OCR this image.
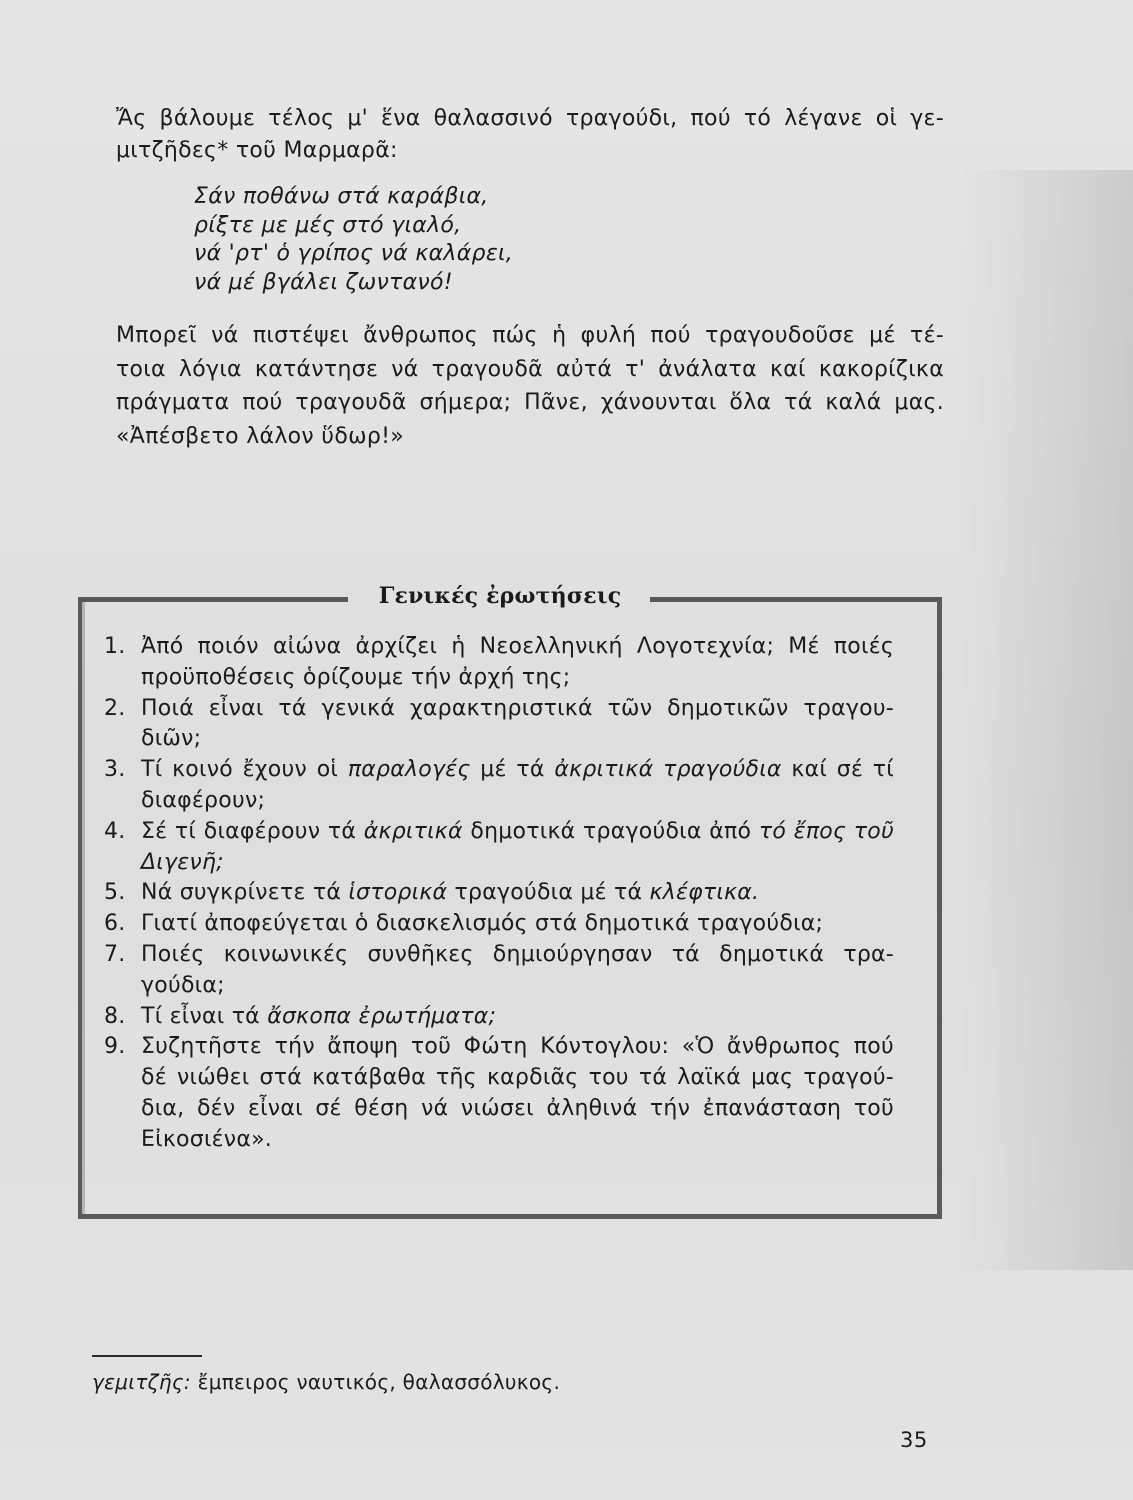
Ἄς βάλουμε τέλος μ' ἕνα θαλασσινό τραγούδι, πού τό λέγανε οἱ γε-
μιτζῆδες* τοῦ Μαρμαρᾶ:
Σάν ποθάνω στά καράβια,
ρίξτε με μές στό γιαλό,
νά 'ρτ' ὁ γρίπος νά καλάρει,
νά μέ βγάλει ζωντανό!
Μπορεῖ νά πιστέψει ἄνθρωπος πώς ἡ φυλή πού τραγουδοῦσε μέ τέ-
τοια λόγια κατάντησε νά τραγουδᾶ αὐτά τ' ἀνάλατα καί κακορίζικα
πράγματα πού τραγουδᾶ σήμερα; Πᾶνε, χάνουνται ὅλα τά καλά μας.
«Ἀπέσβετο λάλον ὕδωρ!»
Γενικές ἐρωτήσεις
1. Ἀπό ποιόν αἰώνα ἀρχίζει ἡ Νεοελληνική Λογοτεχνία; Μέ ποιές
προϋποθέσεις ὁρίζουμε τήν ἀρχή της;
2. Ποιά εἶναι τά γενικά χαρακτηριστικά τῶν δημοτικῶν τραγου-
διῶν;
3. Τί κοινό ἔχουν οἱ παραλογές μέ τά ἀκριτικά τραγούδια καί σέ τί
διαφέρουν;
4. Σέ τί διαφέρουν τά ἀκριτικά δημοτικά τραγούδια ἀπό τό ἔπος τοῦ
Διγενῆ;
5. Νά συγκρίνετε τά ἱστορικά τραγούδια μέ τά κλέφτικα.
6. Γιατί ἀποφεύγεται ὁ διασκελισμός στά δημοτικά τραγούδια;
7. Ποιές κοινωνικές συνθῆκες δημιούργησαν τά δημοτικά τρα-
γούδια;
8. Τί εἶναι τά ἄσκοπα ἐρωτήματα;
9. Συζητῆστε τήν ἄποψη τοῦ Φώτη Κόντογλου: «Ὁ ἄνθρωπος πού
δέ νιώθει στά κατάβαθα τῆς καρδιᾶς του τά λαϊκά μας τραγού-
δια, δέν εἶναι σέ θέση νά νιώσει ἀληθινά τήν ἐπανάσταση τοῦ
Εἰκοσιένα».
γεμιτζῆς: ἔμπειρος ναυτικός, θαλασσόλυκος.
35
